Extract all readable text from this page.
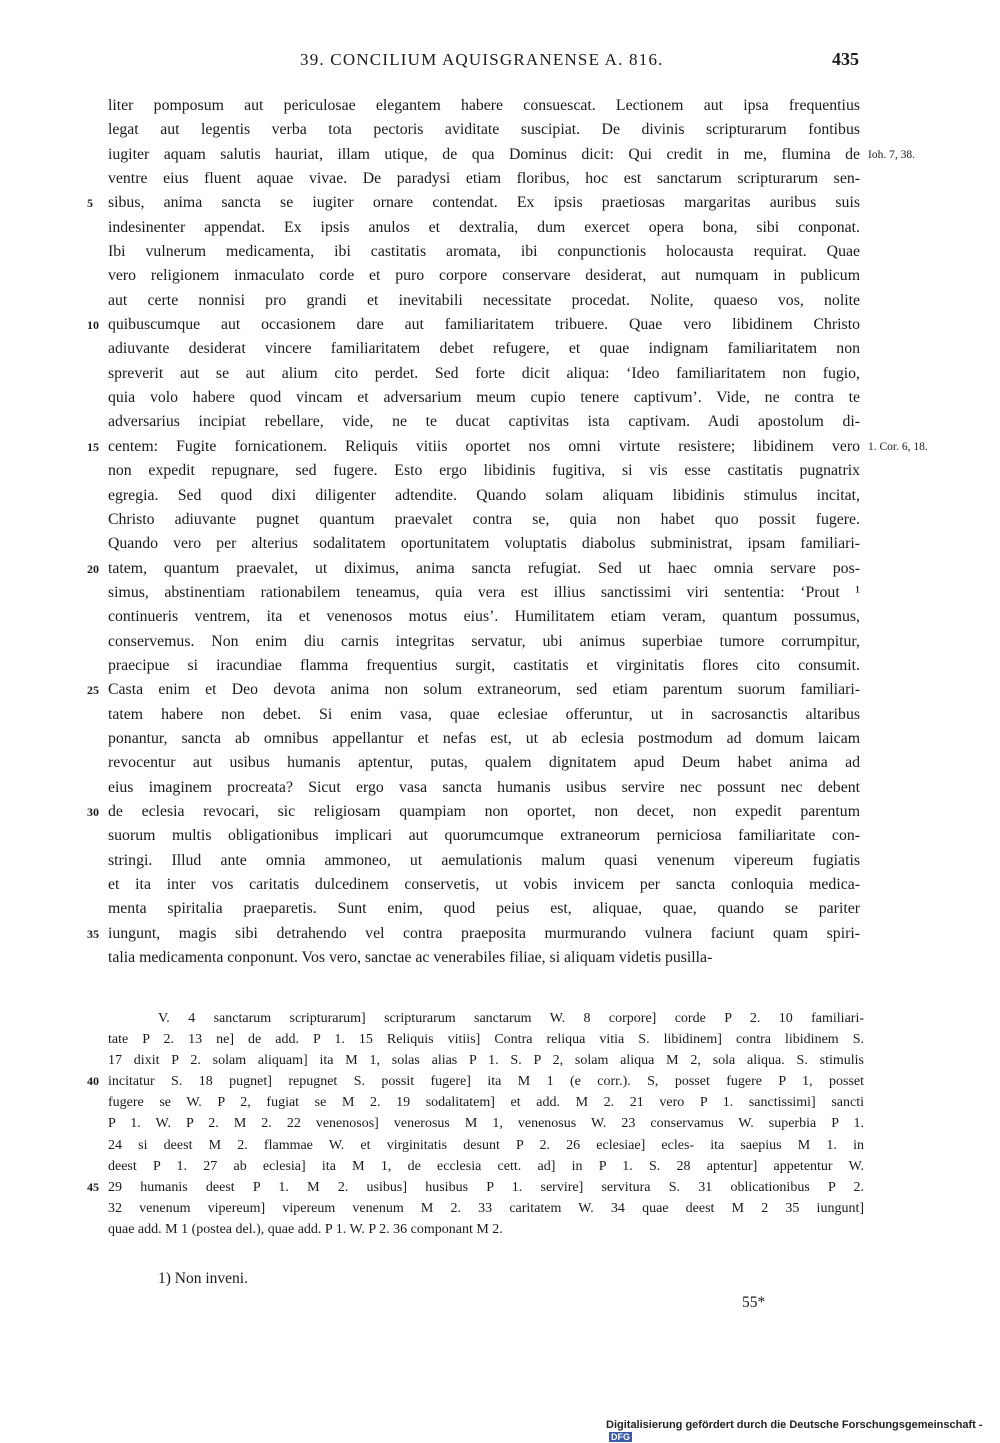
39. CONCILIUM AQUISGRANENSE A. 816.	435
liter pomposum aut periculosae elegantem habere consuescat. Lectionem aut ipsa frequentius
legat aut legentis verba tota pectoris aviditate suscipiat. De divinis scripturarum fontibus
iugiter aquam salutis hauriat, illam utique, de qua Dominus dicit: Qui credit in me, flumina de Ioh. 7, 38.
ventre eius fluent aquae vivae. De paradysi etiam floribus, hoc est sanctarum scripturarum sen-
sibus, anima sancta se iugiter ornare contendat. Ex ipsis praetiosas margaritas auribus suis
5
indesinenter appendat. Ex ipsis anulos et dextralia, dum exercet opera bona, sibi conponat.
Ibi vulnerum medicamenta, ibi castitatis aromata, ibi conpunctionis holocausta requirat. Quae
vero religionem inmaculato corde et puro corpore conservare desiderat, aut numquam in publicum
aut certe nonnisi pro grandi et inevitabili necessitate procedat. Nolite, quaeso vos, nolite
quibuscumque aut occasionem dare aut familiaritatem tribuere. Quae vero libidinem Christo
10
adiuvante desiderat vincere familiaritatem debet refugere, et quae indignam familiaritatem non
spreverit aut se aut alium cito perdet. Sed forte dicit aliqua: ‘Ideo familiaritatem non fugio,
quia volo habere quod vincam et adversarium meum cupio tenere captivum’. Vide, ne contra te
adversarius incipiat rebellare, vide, ne te ducat captivitas ista captivam. Audi apostolum di-
centem: Fugite fornicationem. Reliquis vitiis oportet nos omni virtute resistere; libidinem vero
15	1. Cor. 6, 18.
non expedit repugnare, sed fugere. Esto ergo libidinis fugitiva, si vis esse castitatis pugnatrix
egregia. Sed quod dixi diligenter adtendite. Quando solam aliquam libidinis stimulus incitat,
Christo adiuvante pugnet quantum praevalet contra se, quia non habet quo possit fugere.
Quando vero per alterius sodalitatem oportunitatem voluptatis diabolus subministrat, ipsam familiari-
tatem, quantum praevalet, ut diximus, anima sancta refugiat. Sed ut haec omnia servare pos-
20
simus, abstinentiam rationabilem teneamus, quia vera est illius sanctissimi viri sententia: ‘Prout ¹
continueris ventrem, ita et venenosos motus eius’. Humilitatem etiam veram, quantum possumus,
conservemus. Non enim diu carnis integritas servatur, ubi animus superbiae tumore corrumpitur,
praecipue si iracundiae flamma frequentius surgit, castitatis et virginitatis flores cito consumit.
Casta enim et Deo devota anima non solum extraneorum, sed etiam parentum suorum familiari-
25
tatem habere non debet. Si enim vasa, quae eclesiae offeruntur, ut in sacrosanctis altaribus
ponantur, sancta ab omnibus appellantur et nefas est, ut ab eclesia postmodum ad domum laicam
revocentur aut usibus humanis aptentur, putas, qualem dignitatem apud Deum habet anima ad
eius imaginem procreata? Sicut ergo vasa sancta humanis usibus servire nec possunt nec debent
de eclesia revocari, sic religiosam quampiam non oportet, non decet, non expedit parentum
30
suorum multis obligationibus implicari aut quorumcumque extraneorum perniciosa familiaritate con-
stringi. Illud ante omnia ammoneo, ut aemulationis malum quasi venenum vipereum fugiatis
et ita inter vos caritatis dulcedinem conservetis, ut vobis invicem per sancta conloquia medica-
menta spiritalia praeparetis. Sunt enim, quod peius est, aliquae, quae, quando se pariter
iungunt, magis sibi detrahendo vel contra praeposita murmurando vulnera faciunt quam spiri-
35
talia medicamenta conponunt. Vos vero, sanctae ac venerabiles filiae, si aliquam videtis pusilla-
V. 4 sanctarum scripturarum] scripturarum sanctarum W. 8 corpore] corde P 2. 10 familiari-
tate P 2. 13 ne] de add. P 1. 15 Reliquis vitiis] Contra reliqua vitia S. libidinem] contra libidinem S.
17 dixit P 2. solam aliquam] ita M 1, solas alias P 1. S. P 2, solam aliqua M 2, sola aliqua. S. stimulis
incitatur S. 18 pugnet] repugnet S. possit fugere] ita M 1 (e corr.). S, posset fugere P 1, posset
40
fugere se W. P 2, fugiat se M 2. 19 sodalitatem] et add. M 2. 21 vero P 1. sanctissimi] sancti
P 1. W. P 2. M 2. 22 venenosos] venerosus M 1, venenosus W. 23 conservamus W. superbia P 1.
24 si deest M 2. flammae W. et virginitatis desunt P 2. 26 eclesiae] ecles- ita saepius M 1. in
deest P 1. 27 ab eclesia] ita M 1, de ecclesia cett. ad] in P 1. S. 28 aptentur] appetentur W.
29 humanis deest P 1. M 2. usibus] husibus P 1. servire] servitura S. 31 oblicationibus P 2.
45
32 venenum vipereum] vipereum venenum M 2. 33 caritatem W. 34 quae deest M 2 35 iungunt]
quae add. M 1 (postea del.), quae add. P 1. W. P 2. 36 componant M 2.
1) Non inveni.
55*
Digitalisierung gefördert durch die Deutsche Forschungsgemeinschaft -DFG
